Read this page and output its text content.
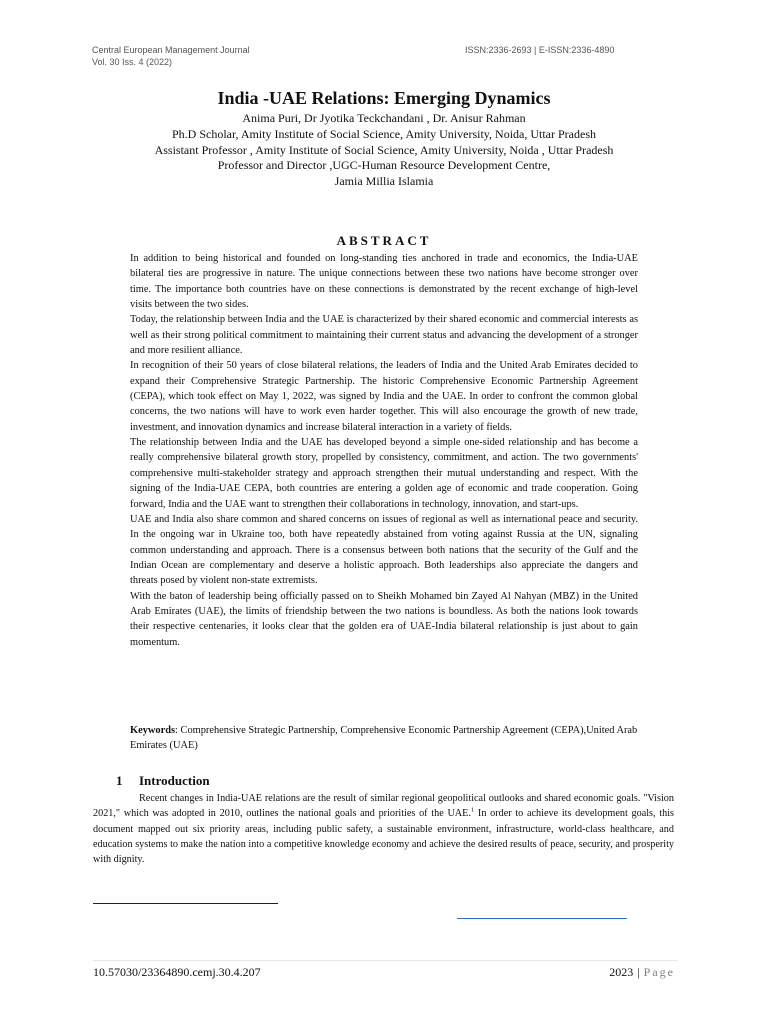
Central European Management Journal
Vol. 30 Iss. 4 (2022)
ISSN:2336-2693 | E-ISSN:2336-4890
India -UAE Relations: Emerging Dynamics
Anima Puri, Dr Jyotika Teckchandani , Dr. Anisur Rahman
Ph.D Scholar, Amity Institute of Social Science, Amity University, Noida, Uttar Pradesh
Assistant Professor , Amity Institute of Social Science, Amity University, Noida , Uttar Pradesh
Professor and Director ,UGC-Human Resource Development Centre,
Jamia Millia Islamia
ABSTRACT

In addition to being historical and founded on long-standing ties anchored in trade and economics, the India-UAE bilateral ties are progressive in nature. The unique connections between these two nations have become stronger over time. The importance both countries have on these connections is demonstrated by the recent exchange of high-level visits between the two sides.

Today, the relationship between India and the UAE is characterized by their shared economic and commercial interests as well as their strong political commitment to maintaining their current status and advancing the development of a stronger and more resilient alliance.

In recognition of their 50 years of close bilateral relations, the leaders of India and the United Arab Emirates decided to expand their Comprehensive Strategic Partnership. The historic Comprehensive Economic Partnership Agreement (CEPA), which took effect on May 1, 2022, was signed by India and the UAE. In order to confront the common global concerns, the two nations will have to work even harder together. This will also encourage the growth of new trade, investment, and innovation dynamics and increase bilateral interaction in a variety of fields.

The relationship between India and the UAE has developed beyond a simple one-sided relationship and has become a really comprehensive bilateral growth story, propelled by consistency, commitment, and action. The two governments' comprehensive multi-stakeholder strategy and approach strengthen their mutual understanding and respect. With the signing of the India-UAE CEPA, both countries are entering a golden age of economic and trade cooperation. Going forward, India and the UAE want to strengthen their collaborations in technology, innovation, and start-ups.

UAE and India also share common and shared concerns on issues of regional as well as international peace and security. In the ongoing war in Ukraine too, both have repeatedly abstained from voting against Russia at the UN, signaling common understanding and approach. There is a consensus between both nations that the security of the Gulf and the Indian Ocean are complementary and deserve a holistic approach. Both leaderships also appreciate the dangers and threats posed by violent non-state extremists.

With the baton of leadership being officially passed on to Sheikh Mohamed bin Zayed Al Nahyan (MBZ) in the United Arab Emirates (UAE), the limits of friendship between the two nations is boundless. As both the nations look towards their respective centenaries, it looks clear that the golden era of UAE-India bilateral relationship is just about to gain momentum.

Keywords: Comprehensive Strategic Partnership, Comprehensive Economic Partnership Agreement (CEPA),United Arab Emirates (UAE)
1 Introduction

Recent changes in India-UAE relations are the result of similar regional geopolitical outlooks and shared economic goals. "Vision 2021," which was adopted in 2010, outlines the national goals and priorities of the UAE.$^1$ In order to achieve its development goals, this document mapped out six priority areas, including public safety, a sustainable environment, infrastructure, world-class healthcare, and education systems to make the nation into a competitive knowledge economy and achieve the desired results of peace, security, and prosperity with dignity.

10.57030/23364890.cemj.30.4.207	2023 | Page
